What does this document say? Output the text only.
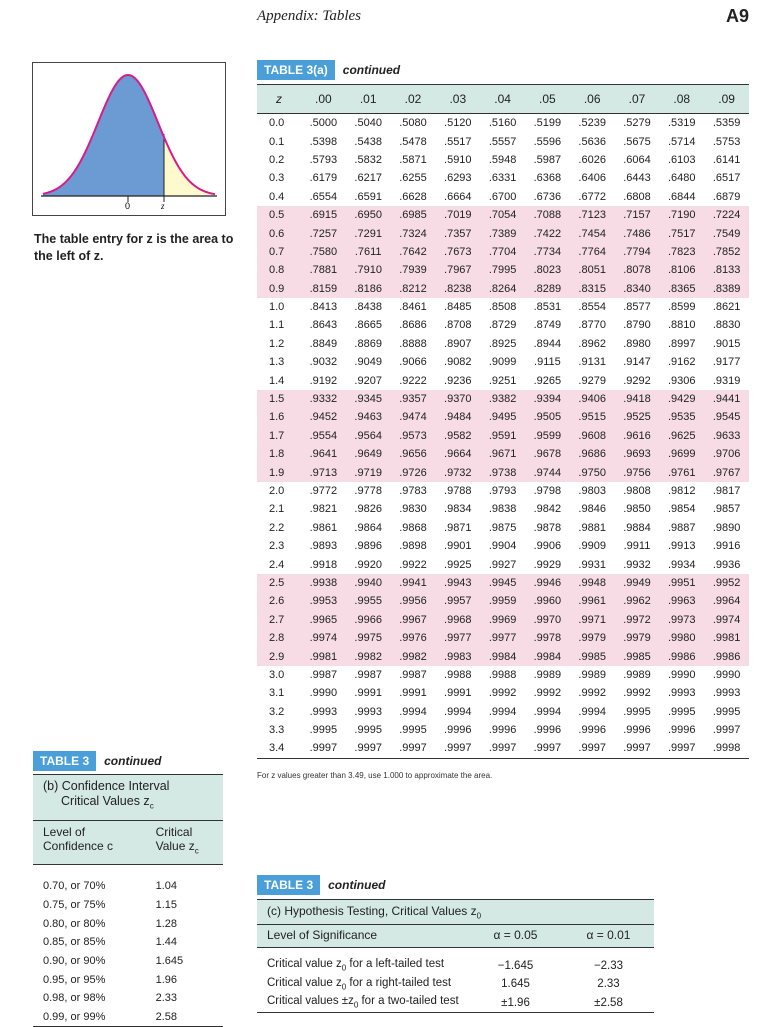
Appendix: Tables	A9
0	z
The table entry for z is the area to the left of z.
TABLE 3(a) continued
z	.00	.01	.02	.03	.04	.05	.06	.07	.08	.09
0.0	.5000	.5040	.5080	.5120	.5160	.5199	.5239	.5279	.5319	.5359
0.1	.5398	.5438	.5478	.5517	.5557	.5596	.5636	.5675	.5714	.5753
0.2	.5793	.5832	.5871	.5910	.5948	.5987	.6026	.6064	.6103	.6141
0.3	.6179	.6217	.6255	.6293	.6331	.6368	.6406	.6443	.6480	.6517
0.4	.6554	.6591	.6628	.6664	.6700	.6736	.6772	.6808	.6844	.6879
0.5	.6915	.6950	.6985	.7019	.7054	.7088	.7123	.7157	.7190	.7224
0.6	.7257	.7291	.7324	.7357	.7389	.7422	.7454	.7486	.7517	.7549
0.7	.7580	.7611	.7642	.7673	.7704	.7734	.7764	.7794	.7823	.7852
0.8	.7881	.7910	.7939	.7967	.7995	.8023	.8051	.8078	.8106	.8133
0.9	.8159	.8186	.8212	.8238	.8264	.8289	.8315	.8340	.8365	.8389
1.0	.8413	.8438	.8461	.8485	.8508	.8531	.8554	.8577	.8599	.8621
1.1	.8643	.8665	.8686	.8708	.8729	.8749	.8770	.8790	.8810	.8830
1.2	.8849	.8869	.8888	.8907	.8925	.8944	.8962	.8980	.8997	.9015
1.3	.9032	.9049	.9066	.9082	.9099	.9115	.9131	.9147	.9162	.9177
1.4	.9192	.9207	.9222	.9236	.9251	.9265	.9279	.9292	.9306	.9319
1.5	.9332	.9345	.9357	.9370	.9382	.9394	.9406	.9418	.9429	.9441
1.6	.9452	.9463	.9474	.9484	.9495	.9505	.9515	.9525	.9535	.9545
1.7	.9554	.9564	.9573	.9582	.9591	.9599	.9608	.9616	.9625	.9633
1.8	.9641	.9649	.9656	.9664	.9671	.9678	.9686	.9693	.9699	.9706
1.9	.9713	.9719	.9726	.9732	.9738	.9744	.9750	.9756	.9761	.9767
2.0	.9772	.9778	.9783	.9788	.9793	.9798	.9803	.9808	.9812	.9817
2.1	.9821	.9826	.9830	.9834	.9838	.9842	.9846	.9850	.9854	.9857
2.2	.9861	.9864	.9868	.9871	.9875	.9878	.9881	.9884	.9887	.9890
2.3	.9893	.9896	.9898	.9901	.9904	.9906	.9909	.9911	.9913	.9916
2.4	.9918	.9920	.9922	.9925	.9927	.9929	.9931	.9932	.9934	.9936
2.5	.9938	.9940	.9941	.9943	.9945	.9946	.9948	.9949	.9951	.9952
2.6	.9953	.9955	.9956	.9957	.9959	.9960	.9961	.9962	.9963	.9964
2.7	.9965	.9966	.9967	.9968	.9969	.9970	.9971	.9972	.9973	.9974
2.8	.9974	.9975	.9976	.9977	.9977	.9978	.9979	.9979	.9980	.9981
2.9	.9981	.9982	.9982	.9983	.9984	.9984	.9985	.9985	.9986	.9986
3.0	.9987	.9987	.9987	.9988	.9988	.9989	.9989	.9989	.9990	.9990
3.1	.9990	.9991	.9991	.9991	.9992	.9992	.9992	.9992	.9993	.9993
3.2	.9993	.9993	.9994	.9994	.9994	.9994	.9994	.9995	.9995	.9995
3.3	.9995	.9995	.9995	.9996	.9996	.9996	.9996	.9996	.9996	.9997
3.4	.9997	.9997	.9997	.9997	.9997	.9997	.9997	.9997	.9997	.9998
For z values greater than 3.49, use 1.000 to approximate the area.
TABLE 3 continued
(b) Confidence Interval
Critical Values $z_c$
Level of
Confidence c	Critical
Value $z_c$

0.70, or 70%	1.04
0.75, or 75%	1.15
0.80, or 80%	1.28
0.85, or 85%	1.44
0.90, or 90%	1.645
0.95, or 95%	1.96
0.98, or 98%	2.33
0.99, or 99%	2.58
TABLE 3 continued
(c) Hypothesis Testing, Critical Values $z_0$
Level of Significance	α = 0.05	α = 0.01

Critical value $z_0$ for a left-tailed test	−1.645	−2.33
Critical value $z_0$ for a right-tailed test	1.645	2.33
Critical values $\pm z_0$ for a two-tailed test	±1.96	±2.58
